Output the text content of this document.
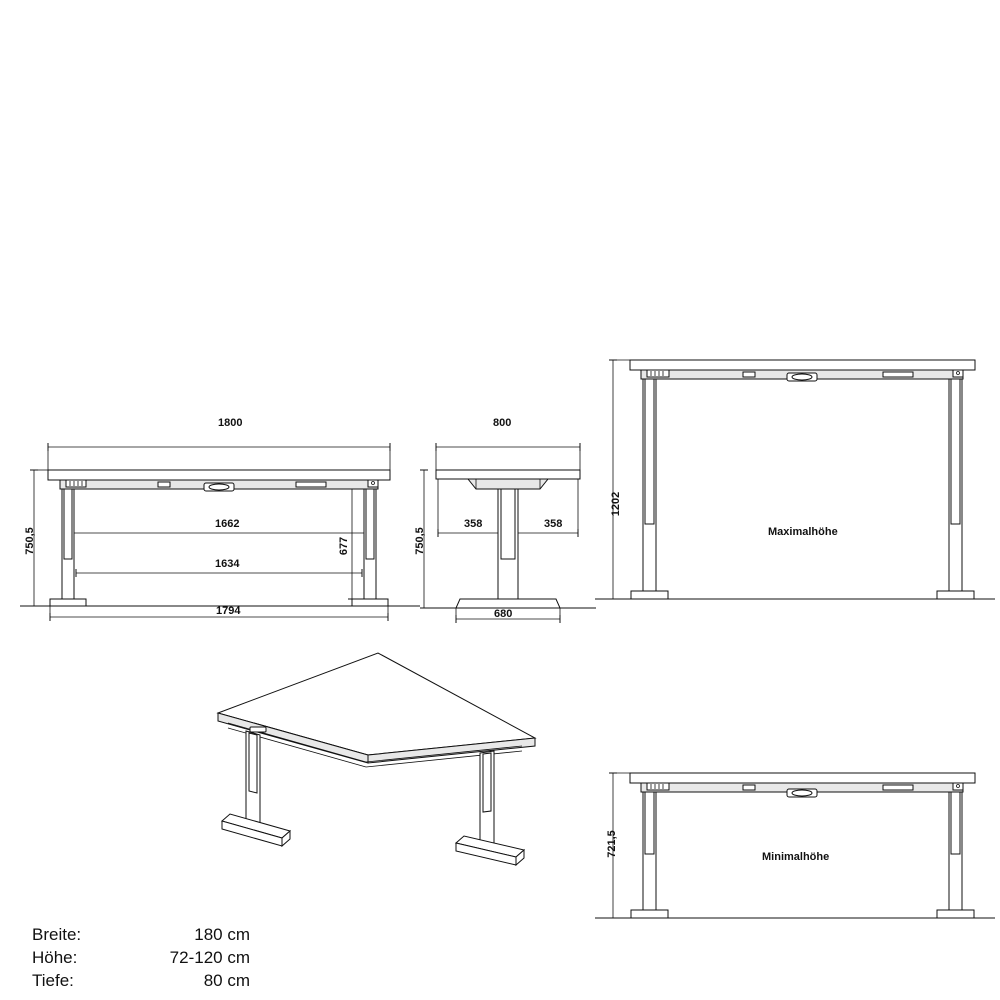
1800
1662
1634
1794
750,5	677
800
358	358
680
750,5
1202
Maximalhöhe
721,5	Minimalhöhe
Breite:	180 cm
Höhe:	72-120 cm
Tiefe:	80 cm
